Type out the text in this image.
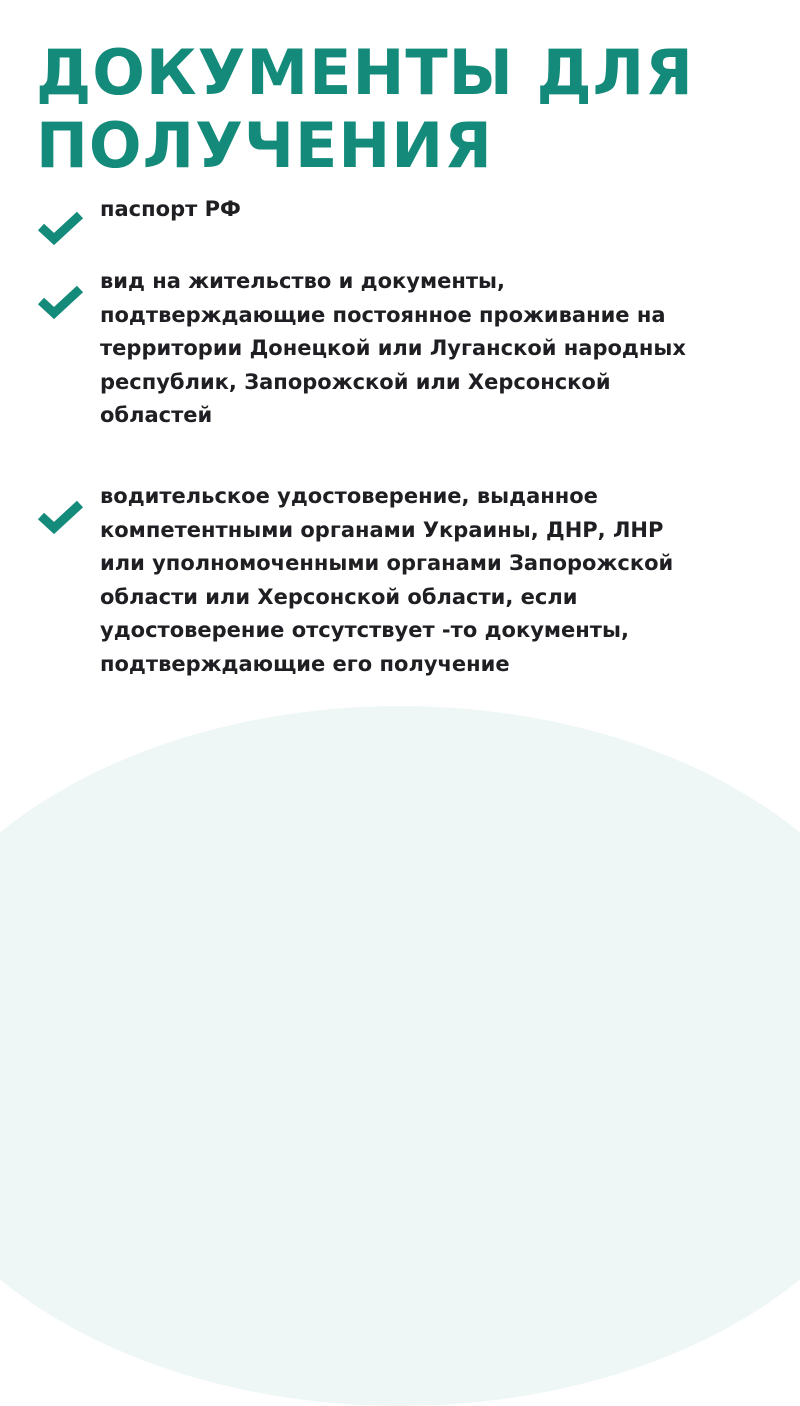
ДОКУМЕНТЫ ДЛЯ
ПОЛУЧЕНИЯ
паспорт РФ
вид на жительство и документы,
подтверждающие постоянное проживание на
территории Донецкой или Луганской народных
республик, Запорожской или Херсонской
областей
водительское удостоверение, выданное
компетентными органами Украины, ДНР, ЛНР
или уполномоченными органами Запорожской
области или Херсонской области, если
удостоверение отсутствует -то документы,
подтверждающие его получение
